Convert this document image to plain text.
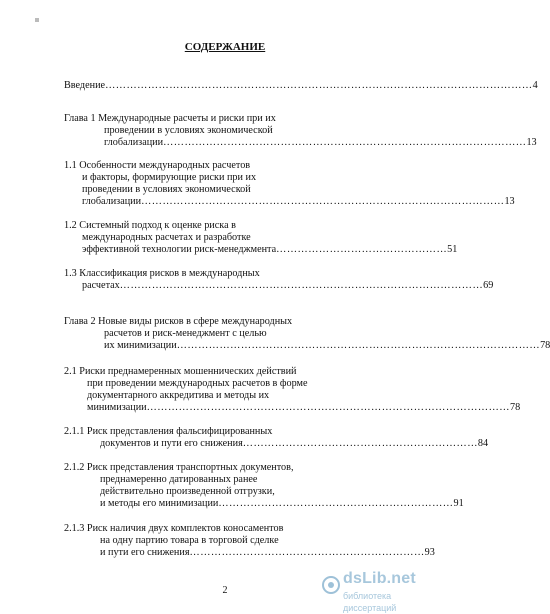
СОДЕРЖАНИЕ
Введение ………………………………………………………………………………………………………… 4
Глава 1 Международные расчеты и риски при их
проведении в условиях экономической
глобализации ………………………………………………………………………………………… 13
1.1 Особенности международных расчетов
и факторы, формирующие риски при их
проведении в условиях экономической
глобализации ………………………………………………………………………………………… 13
1.2 Системный подход к оценке риска в
международных расчетах и разработке
эффективной технологии риск-менеджмента ………………………………………… 51
1.3 Классификация рисков в международных
расчетах ………………………………………………………………………………………… 69
Глава 2 Новые виды рисков в сфере международных
расчетов и риск-менеджмент с целью
их минимизации ………………………………………………………………………………………… 78
2.1 Риски преднамеренных мошеннических действий
при проведении международных расчетов в форме
документарного аккредитива и методы их
минимизации ………………………………………………………………………………………… 78
2.1.1 Риск представления фальсифицированных
документов и пути его снижения ………………………………………………………… 84
2.1.2 Риск представления транспортных документов,
преднамеренно датированных ранее
действительно произведенной отгрузки,
и методы его минимизации ………………………………………………………… 91
2.1.3 Риск наличия двух комплектов коносаментов
на одну партию товара в торговой сделке
и пути его снижения ………………………………………………………… 93
2
dsLib.net
библиотека диссертаций
